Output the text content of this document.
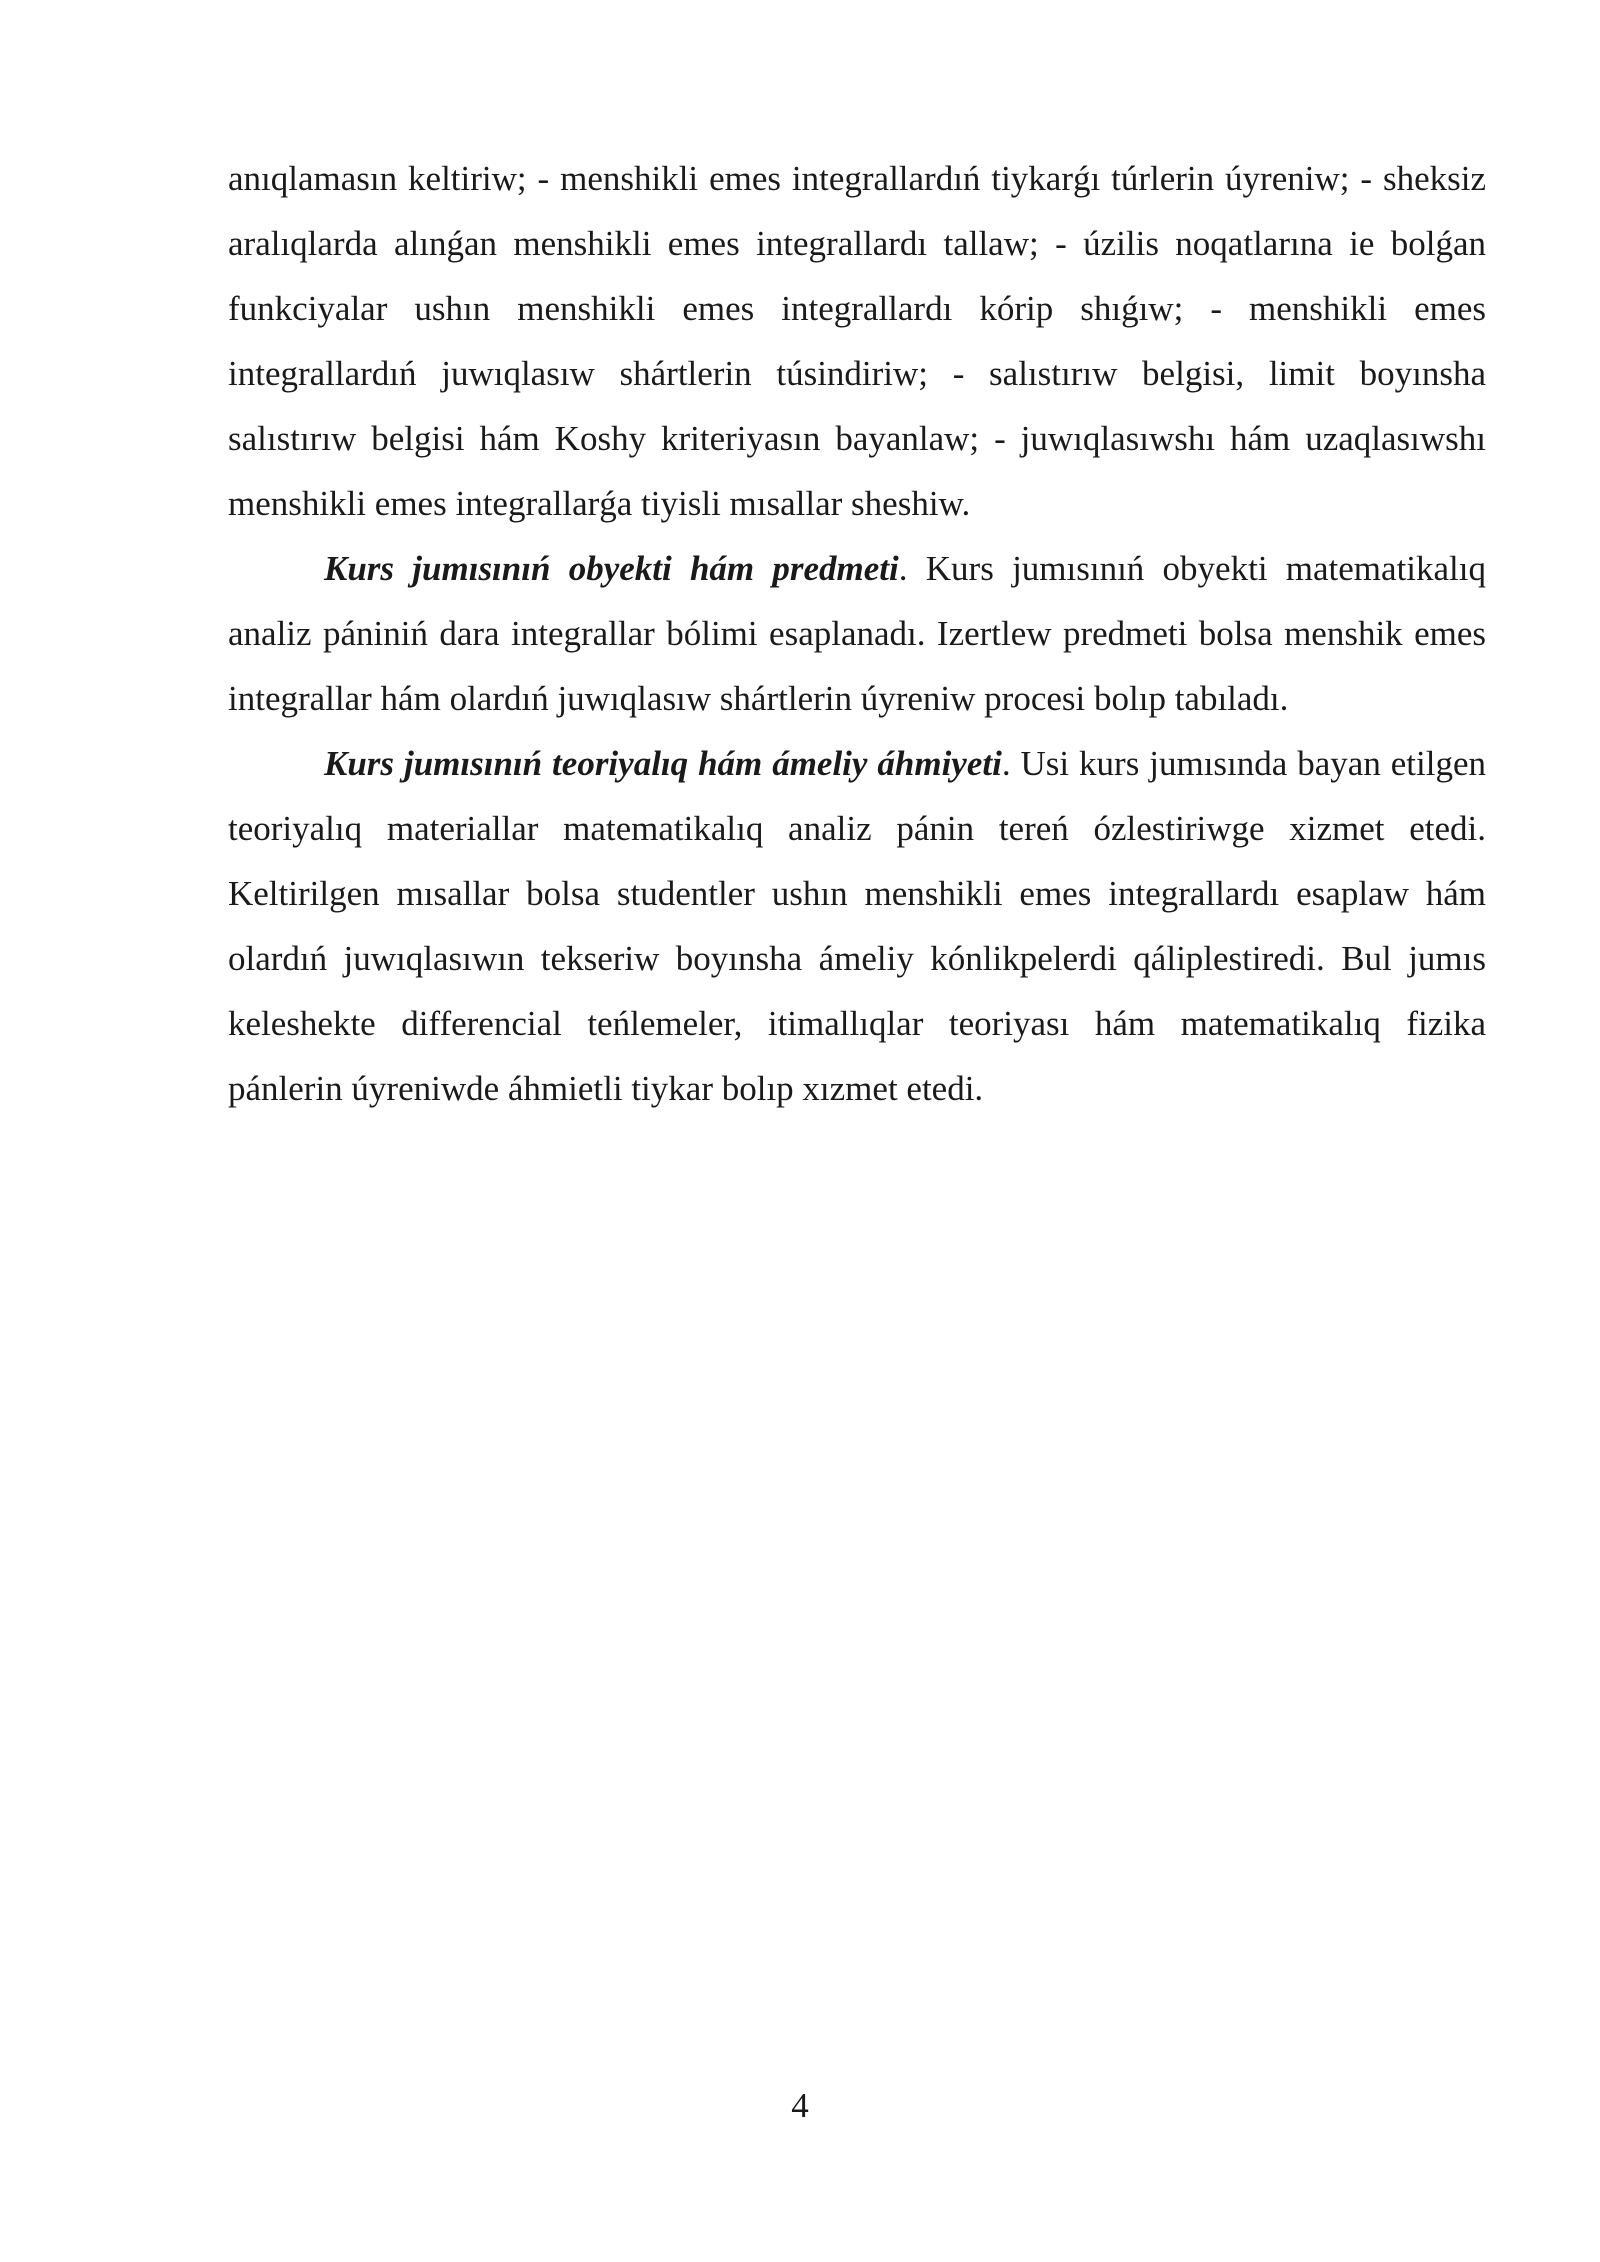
anıqlamasın keltiriw; - menshikli emes integrallardıń tiykarǵı túrlerin úyreniw; - sheksiz aralıqlarda alınǵan menshikli emes integrallardı tallaw; - úzilis noqatlarına ie bolǵan funkciyalar ushın menshikli emes integrallardı kórip shıǵıw; - menshikli emes integrallardıń juwıqlasıw shártlerin túsindiriw; - salıstırıw belgisi, limit boyınsha salıstırıw belgisi hám Koshy kriteriyasın bayanlaw; - juwıqlasıwshı hám uzaqlasıwshı menshikli emes integrallarǵa tiyisli mısallar sheshiw.

Kurs jumısınıń obyekti hám predmeti. Kurs jumısınıń obyekti matematikalıq analiz pániniń dara integrallar bólimi esaplanadı. Izertlew predmeti bolsa menshik emes integrallar hám olardıń juwıqlasıw shártlerin úyreniw procesi bolıp tabıladı.

Kurs jumısınıń teoriyalıq hám ámeliy áhmiyeti. Usi kurs jumısında bayan etilgen teoriyalıq materiallar matematikalıq analiz pánin tereń ózlestiriwge xizmet etedi. Keltirilgen mısallar bolsa studentler ushın menshikli emes integrallardı esaplaw hám olardıń juwıqlasıwın tekseriw boyınsha ámeliy kónlikpelerdi qáliplestiredi. Bul jumıs keleshekte differencial teńlemeler, itimallıqlar teoriyası hám matematikalıq fizika pánlerin úyreniwde áhmietli tiykar bolıp xızmet etedi.

4
